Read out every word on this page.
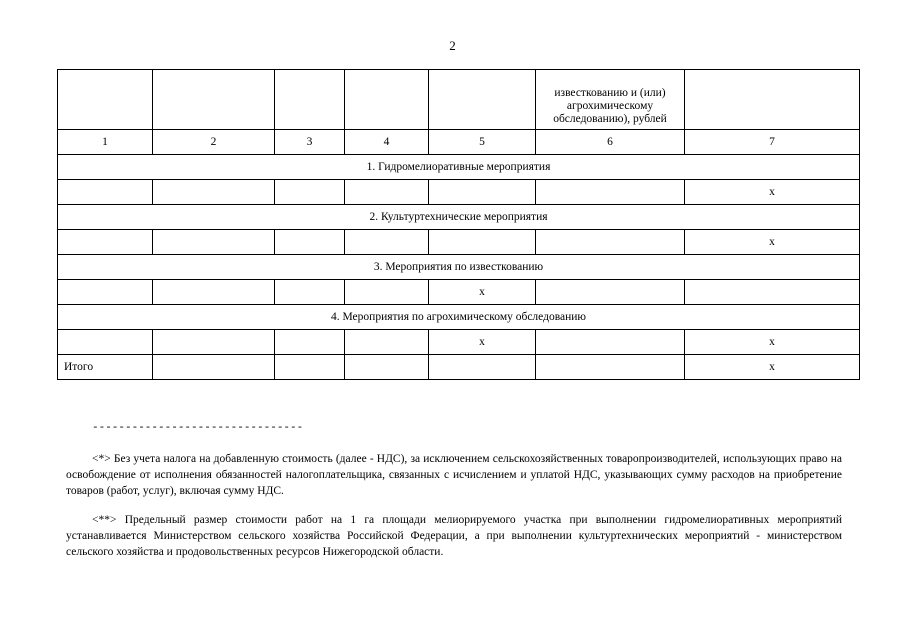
2
					известкованию и (или) агрохимическому обследованию), рублей	
1	2	3	4	5	6	7
1. Гидромелиоративные мероприятия						
						х
2. Культуртехнические мероприятия						
						х
3. Мероприятия по известкованию						
				х		
4. Мероприятия по агрохимическому обследованию						
				х		х
Итого						х
--------------------------------
<*> Без учета налога на добавленную стоимость (далее - НДС), за исключением сельскохозяйственных товаропроизводителей, использующих право на освобождение от исполнения обязанностей налогоплательщика, связанных с исчислением и уплатой НДС, указывающих сумму расходов на приобретение товаров (работ, услуг), включая сумму НДС.
<**> Предельный размер стоимости работ на 1 га площади мелиорируемого участка при выполнении гидромелиоративных мероприятий устанавливается Министерством сельского хозяйства Российской Федерации, а при выполнении культуртехнических мероприятий - министерством сельского хозяйства и продовольственных ресурсов Нижегородской области.
